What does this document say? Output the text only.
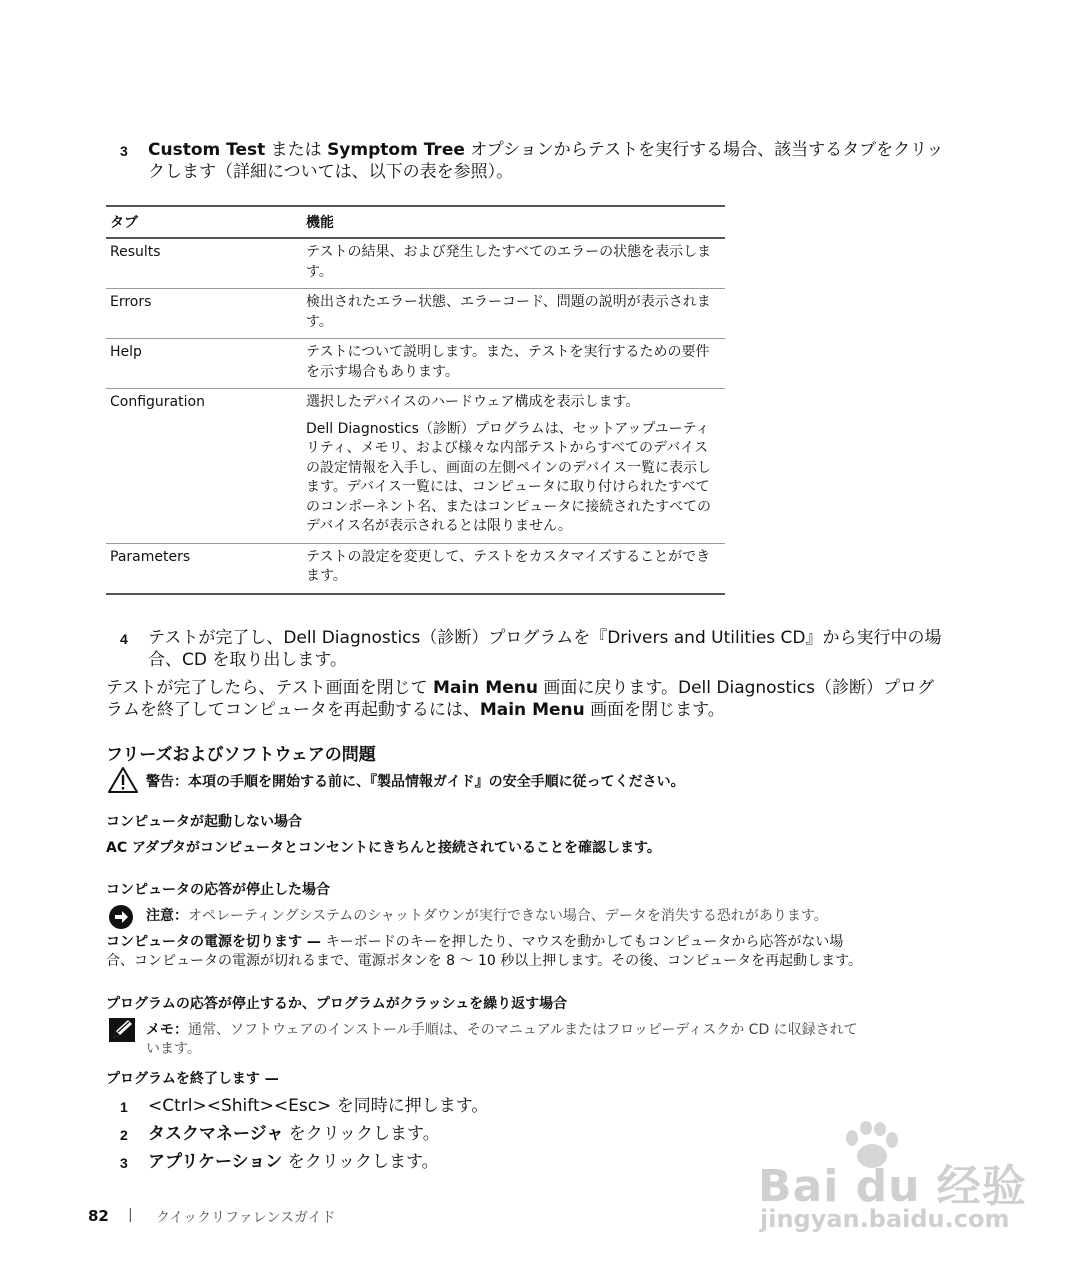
3 Custom Test または Symptom Tree オプションからテストを実行する場合、該当するタブをクリッ
クします（詳細については、以下の表を参照）。
タブ	機能
Results	テストの結果、および発生したすべてのエラーの状態を表示します。

Errors	検出されたエラー状態、エラーコード、問題の説明が表示されます。

Help	テストについて説明します。また、テストを実行するための要件を示す場合もあります。

Configuration	選択したデバイスのハードウェア構成を表示します。

Dell Diagnostics（診断）プログラムは、セットアップユーティリティ、メモリ、および様々な内部テストからすべてのデバイスの設定情報を入手し、画面の左側ペインのデバイス一覧に表示します。デバイス一覧には、コンピュータに取り付けられたすべてのコンポーネント名、またはコンピュータに接続されたすべてのデバイス名が表示されるとは限りません。

Parameters	テストの設定を変更して、テストをカスタマイズすることができます。

4 テストが完了し、Dell Diagnostics（診断）プログラムを『Drivers and Utilities CD』から実行中の場
合、CD を取り出します。
テストが完了したら、テスト画面を閉じて Main Menu 画面に戻ります。Dell Diagnostics（診断）プログ
ラムを終了してコンピュータを再起動するには、Main Menu 画面を閉じます。
フリーズおよびソフトウェアの問題
警告：本項の手順を開始する前に、『製品情報ガイド』の安全手順に従ってください。
コンピュータが起動しない場合
AC アダプタがコンピュータとコンセントにきちんと接続されていることを確認します。
コンピュータの応答が停止した場合
注意：オペレーティングシステムのシャットダウンが実行できない場合、データを消失する恐れがあります。
コンピュータの電源を切ります — キーボードのキーを押したり、マウスを動かしてもコンピュータから応答がない場
合、コンピュータの電源が切れるまで、電源ボタンを 8 ～ 10 秒以上押します。その後、コンピュータを再起動します。
プログラムの応答が停止するか、プログラムがクラッシュを繰り返す場合
メモ：通常、ソフトウェアのインストール手順は、そのマニュアルまたはフロッピーディスクか CD に収録されて
います。
プログラムを終了します —
1 <Ctrl><Shift><Esc> を同時に押します。
2 タスクマネージャ をクリックします。
3 アプリケーション をクリックします。
82 | クイックリファレンスガイド
Bai du 经验
jingyan.baidu.com
